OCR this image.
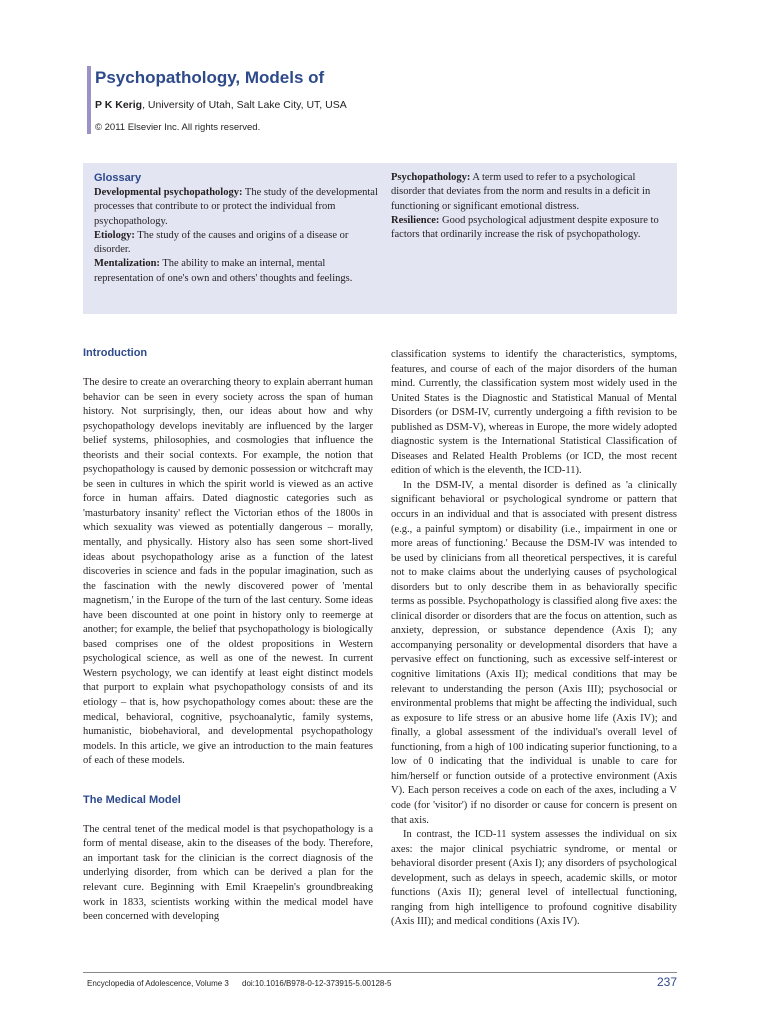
Psychopathology, Models of
P K Kerig, University of Utah, Salt Lake City, UT, USA
© 2011 Elsevier Inc. All rights reserved.
Glossary

Developmental psychopathology: The study of the developmental processes that contribute to or protect the individual from psychopathology.

Etiology: The study of the causes and origins of a disease or disorder.

Mentalization: The ability to make an internal, mental representation of one's own and others' thoughts and feelings.

Psychopathology: A term used to refer to a psychological disorder that deviates from the norm and results in a deficit in functioning or significant emotional distress.

Resilience: Good psychological adjustment despite exposure to factors that ordinarily increase the risk of psychopathology.

Introduction

The desire to create an overarching theory to explain aberrant human behavior can be seen in every society across the span of human history. Not surprisingly, then, our ideas about how and why psychopathology develops inevitably are influenced by the larger belief systems, philosophies, and cosmologies that influence the theorists and their social contexts. For example, the notion that psychopathology is caused by demonic possession or witchcraft may be seen in cultures in which the spirit world is viewed as an active force in human affairs. Dated diagnostic categories such as 'masturbatory insanity' reflect the Victorian ethos of the 1800s in which sexuality was viewed as potentially dangerous – morally, mentally, and physically. History also has seen some short-lived ideas about psychopathology arise as a function of the latest discoveries in science and fads in the popular imagination, such as the fascination with the newly discovered power of 'mental magnetism,' in the Europe of the turn of the last century. Some ideas have been discounted at one point in history only to reemerge at another; for example, the belief that psychopathology is biologically based comprises one of the oldest propositions in Western psychological science, as well as one of the newest. In current Western psychology, we can identify at least eight distinct models that purport to explain what psychopathology consists of and its etiology – that is, how psychopathology comes about: these are the medical, behavioral, cognitive, psychoanalytic, family systems, humanistic, biobehavioral, and developmental psychopathology models. In this article, we give an introduction to the main features of each of these models.

The Medical Model

The central tenet of the medical model is that psychopathology is a form of mental disease, akin to the diseases of the body. Therefore, an important task for the clinician is the correct diagnosis of the underlying disorder, from which can be derived a plan for the relevant cure. Beginning with Emil Kraepelin's groundbreaking work in 1833, scientists working within the medical model have been concerned with developing

classification systems to identify the characteristics, symptoms, features, and course of each of the major disorders of the human mind. Currently, the classification system most widely used in the United States is the Diagnostic and Statistical Manual of Mental Disorders (or DSM-IV, currently undergoing a fifth revision to be published as DSM-V), whereas in Europe, the more widely adopted diagnostic system is the International Statistical Classification of Diseases and Related Health Problems (or ICD, the most recent edition of which is the eleventh, the ICD-11).

In the DSM-IV, a mental disorder is defined as 'a clinically significant behavioral or psychological syndrome or pattern that occurs in an individual and that is associated with present distress (e.g., a painful symptom) or disability (i.e., impairment in one or more areas of functioning.' Because the DSM-IV was intended to be used by clinicians from all theoretical perspectives, it is careful not to make claims about the underlying causes of psychological disorders but to only describe them in as behaviorally specific terms as possible. Psychopathology is classified along five axes: the clinical disorder or disorders that are the focus on attention, such as anxiety, depression, or substance dependence (Axis I); any accompanying personality or developmental disorders that have a pervasive effect on functioning, such as excessive self-interest or cognitive limitations (Axis II); medical conditions that may be relevant to understanding the person (Axis III); psychosocial or environmental problems that might be affecting the individual, such as exposure to life stress or an abusive home life (Axis IV); and finally, a global assessment of the individual's overall level of functioning, from a high of 100 indicating superior functioning, to a low of 0 indicating that the individual is unable to care for him/herself or function outside of a protective environment (Axis V). Each person receives a code on each of the axes, including a V code (for 'visitor') if no disorder or cause for concern is present on that axis.

In contrast, the ICD-11 system assesses the individual on six axes: the major clinical psychiatric syndrome, or mental or behavioral disorder present (Axis I); any disorders of psychological development, such as delays in speech, academic skills, or motor functions (Axis II); general level of intellectual functioning, ranging from high intelligence to profound cognitive disability (Axis III); and medical conditions (Axis IV).

Encyclopedia of Adolescence, Volume 3 doi:10.1016/B978-0-12-373915-5.00128-5	237
